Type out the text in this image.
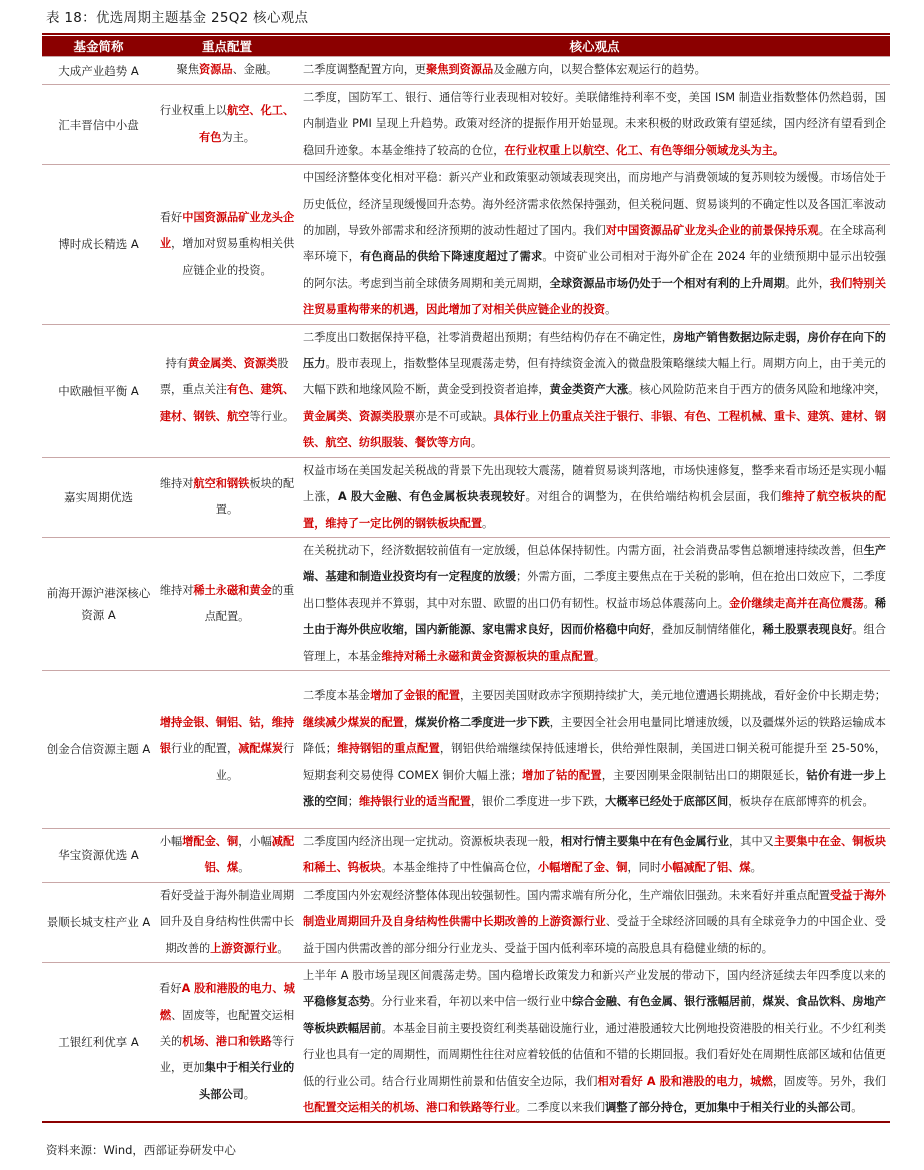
表 18：优选周期主题基金 25Q2 核心观点
基金简称	重点配置	核心观点
大成产业趋势 A	聚焦资源品、金融。	二季度调整配置方向，更聚焦到资源品及金融方向，以契合整体宏观运行的趋势。
汇丰晋信中小盘	行业权重上以航空、化工、有色为主。	二季度，国防军工、银行、通信等行业表现相对较好。美联储维持利率不变，美国 ISM 制造业指数整体仍然趋弱，国内制造业 PMI 呈现上升趋势。政策对经济的提振作用开始显现。未来积极的财政政策有望延续，国内经济有望看到企稳回升迹象。本基金维持了较高的仓位，在行业权重上以航空、化工、有色等细分领域龙头为主。
博时成长精选 A	看好中国资源品矿业龙头企业，增加对贸易重构相关供应链企业的投资。	中国经济整体变化相对平稳：新兴产业和政策驱动领域表现突出，而房地产与消费领域的复苏则较为缓慢。市场信处于历史低位，经济呈现缓慢回升态势。海外经济需求依然保持强劲，但关税问题、贸易谈判的不确定性以及各国汇率波动的加剧，导致外部需求和经济预期的波动性超过了国内。我们对中国资源品矿业龙头企业的前景保持乐观。在全球高利率环境下，有色商品的供给下降速度超过了需求。中资矿业公司相对于海外矿企在 2024 年的业绩预期中显示出较强的阿尔法。考虑到当前全球债务周期和美元周期，全球资源品市场仍处于一个相对有利的上升周期。此外，我们特别关注贸易重构带来的机遇，因此增加了对相关供应链企业的投资。
中欧融恒平衡 A	持有黄金属类、资源类股票，重点关注有色、建筑、建材、钢铁、航空等行业。	二季度出口数据保持平稳，社零消费超出预期；有些结构仍存在不确定性，房地产销售数据边际走弱，房价存在向下的压力。股市表现上，指数整体呈现震荡走势，但有持续资金流入的微盘股策略继续大幅上行。周期方向上，由于美元的大幅下跌和地缘风险不断，黄金受到投资者追捧，黄金类资产大涨。核心风险防范来自于西方的债务风险和地缘冲突，黄金属类、资源类股票亦是不可或缺。具体行业上仍重点关注于银行、非银、有色、工程机械、重卡、建筑、建材、钢铁、航空、纺织服装、餐饮等方向。
嘉实周期优选	维持对航空和钢铁板块的配置。	权益市场在美国发起关税战的背景下先出现较大震荡，随着贸易谈判落地，市场快速修复，整季来看市场还是实现小幅上涨，A 股大金融、有色金属板块表现较好。对组合的调整为，在供给端结构机会层面，我们维持了航空板块的配置，维持了一定比例的钢铁板块配置。
前海开源沪港深核心资源 A	维持对稀土永磁和黄金的重点配置。	在关税扰动下，经济数据较前值有一定放缓，但总体保持韧性。内需方面，社会消费品零售总额增速持续改善，但生产端、基建和制造业投资均有一定程度的放缓；外需方面，二季度主要焦点在于关税的影响，但在抢出口效应下，二季度出口整体表现并不算弱，其中对东盟、欧盟的出口仍有韧性。权益市场总体震荡向上。金价继续走高并在高位震荡。稀土由于海外供应收缩，国内新能源、家电需求良好，因而价格稳中向好，叠加反制情绪催化，稀土股票表现良好。组合管理上，本基金维持对稀土永磁和黄金资源板块的重点配置。
创金合信资源主题 A	增持金银、铜铝、钴，维持银行业的配置，减配煤炭行业。	二季度本基金增加了金银的配置，主要因美国财政赤字预期持续扩大，美元地位遭遇长期挑战，看好金价中长期走势；继续减少煤炭的配置，煤炭价格二季度进一步下跌，主要因全社会用电量同比增速放缓，以及疆煤外运的铁路运输成本降低；维持钢铝的重点配置，钢铝供给端继续保持低速增长，供给弹性限制，美国进口铜关税可能提升至 25-50%，短期套利交易使得 COMEX 铜价大幅上涨；增加了钴的配置，主要因刚果金限制钴出口的期限延长，钴价有进一步上涨的空间；维持银行业的适当配置，银价二季度进一步下跌，大概率已经处于底部区间，板块存在底部博弈的机会。
华宝资源优选 A	小幅增配金、铜，小幅减配铝、煤。	二季度国内经济出现一定扰动。资源板块表现一般，相对行情主要集中在有色金属行业，其中又主要集中在金、铜板块和稀土、钨板块。本基金维持了中性偏高仓位，小幅增配了金、铜，同时小幅减配了铝、煤。
景顺长城支柱产业 A	看好受益于海外制造业周期回升及自身结构性供需中长期改善的上游资源行业。	二季度国内外宏观经济整体体现出较强韧性。国内需求端有所分化，生产端依旧强劲。未来看好并重点配置受益于海外制造业周期回升及自身结构性供需中长期改善的上游资源行业、受益于全球经济回暖的具有全球竞争力的中国企业、受益于国内供需改善的部分细分行业龙头、受益于国内低利率环境的高股息具有稳健业绩的标的。
工银红利优享 A	看好A 股和港股的电力、城燃、固废等，也配置交运相关的机场、港口和铁路等行业，更加集中于相关行业的头部公司。	上半年 A 股市场呈现区间震荡走势。国内稳增长政策发力和新兴产业发展的带动下，国内经济延续去年四季度以来的平稳修复态势。分行业来看，年初以来中信一级行业中综合金融、有色金属、银行涨幅居前，煤炭、食品饮料、房地产等板块跌幅居前。本基金目前主要投资红利类基础设施行业，通过港股通较大比例地投资港股的相关行业。不少红利类行业也具有一定的周期性，而周期性往往对应着较低的估值和不错的长期回报。我们看好处在周期性底部区域和估值更低的行业公司。结合行业周期性前景和估值安全边际，我们相对看好 A 股和港股的电力，城燃，固废等。另外，我们也配置交运相关的机场、港口和铁路等行业。二季度以来我们调整了部分持仓，更加集中于相关行业的头部公司。
资料来源：Wind，西部证券研发中心
